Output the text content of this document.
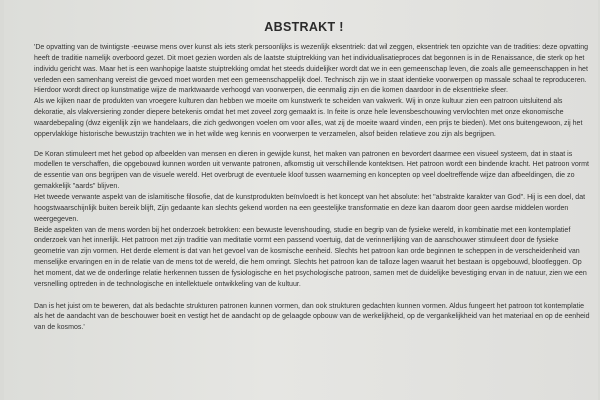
ABSTRAKT !

'De opvatting van de twintigste -eeuwse mens over kunst als iets sterk persoonlijks is wezenlijk eksentriek: dat wil zeggen, eksentriek ten opzichte van de tradities: deze opvatting heeft de traditie namelijk overboord gezet. Dit moet gezien worden als de laatste stuiptrekking van het individualisatieproces dat begonnen is in de Renaissance, die sterk op het individu gericht was. Maar het is een wanhopige laatste stuiptrekking omdat het steeds duidelijker wordt dat we in een gemeenschap leven, die zoals alle gemeenschappen in het verleden een samenhang vereist die gevoed moet worden met een gemeenschappelijk doel. Technisch zijn we in staat identieke voorwerpen op massale schaal te reproduceren. Hierdoor wordt direct op kunstmatige wijze de marktwaarde verhoogd van voorwerpen, die eenmalig zijn en die komen daardoor in de eksentrieke sfeer.

Als we kijken naar de produkten van vroegere kulturen dan hebben we moeite om kunstwerk te scheiden van vakwerk. Wij in onze kultuur zien een patroon uitsluitend als dekoratie, als vlakversiering zonder diepere betekenis omdat het met zoveel zorg gemaakt is. In feite is onze hele levensbeschouwing vervlochten met onze ekonomische waardebepaling (dwz eigenlijk zijn we handelaars, die zich gedwongen voelen om voor alles, wat zij de moeite waard vinden, een prijs te bieden). Met ons buitengewoon, zij het oppervlakkige historische bewustzijn trachten we in het wilde weg kennis en voorwerpen te verzamelen, alsof beiden relatieve zou zijn als begrijpen.

De Koran stimuleert met het gebod op afbeelden van mensen en dieren in gewijde kunst, het maken van patronen en bevordert daarmee een visueel systeem, dat in staat is modellen te verschaffen, die opgebouwd kunnen worden uit verwante patronen, afkomstig uit verschillende kontektsen. Het patroon wordt een bindende kracht. Het patroon vormt de essentie van ons begrijpen van de visuele wereld. Het overbrugt de eventuele kloof tussen waarneming en koncepten op veel doeltreffende wijze dan afbeeldingen, die zo gemakkelijk "aards" blijven.

Het tweede verwante aspekt van de islamitische filosofie, dat de kunstprodukten beïnvloedt is het koncept van het absolute: het "abstrakte karakter van God". Hij is een doel, dat hoogstwaarschijnlijk buiten bereik blijft, Zijn gedaante kan slechts gekend worden na een geestelijke transformatie en deze kan daarom door geen aardse middelen worden weergegeven.

Beide aspekten van de mens worden bij het onderzoek betrokken: een bewuste levenshouding, studie en begrip van de fysieke wereld, in kombinatie met een kontemplatief onderzoek van het innerlijk. Het patroon met zijn traditie van meditatie vormt een passend voertuig, dat de verinnerlijking van de aanschouwer stimuleert door de fysieke geometrie van zijn vormen. Het derde element is dat van het gevoel van de kosmische eenheid. Slechts het patroon kan orde beginnen te scheppen in de verscheidenheid van menselijke ervaringen en in de relatie van de mens tot de wereld, die hem omringt. Slechts het patroon kan de talloze lagen waaruit het bestaan is opgebouwd, blootleggen. Op het moment, dat we de onderlinge relatie herkennen tussen de fysiologische en het psychologische patroon, samen met de duidelijke bevestiging ervan in de natuur, zien we een versnelling optreden in de technologische en intellektuele ontwikkeling van de kultuur.

Dan is het juist om te beweren, dat als bedachte strukturen patronen kunnen vormen, dan ook strukturen gedachten kunnen vormen. Aldus fungeert het patroon tot kontemplatie als het de aandacht van de beschouwer boeit en vestigt het de aandacht op de gelaagde opbouw van de werkelijkheid, op de vergankelijkheid van het materiaal en op de eenheid van de kosmos.'
